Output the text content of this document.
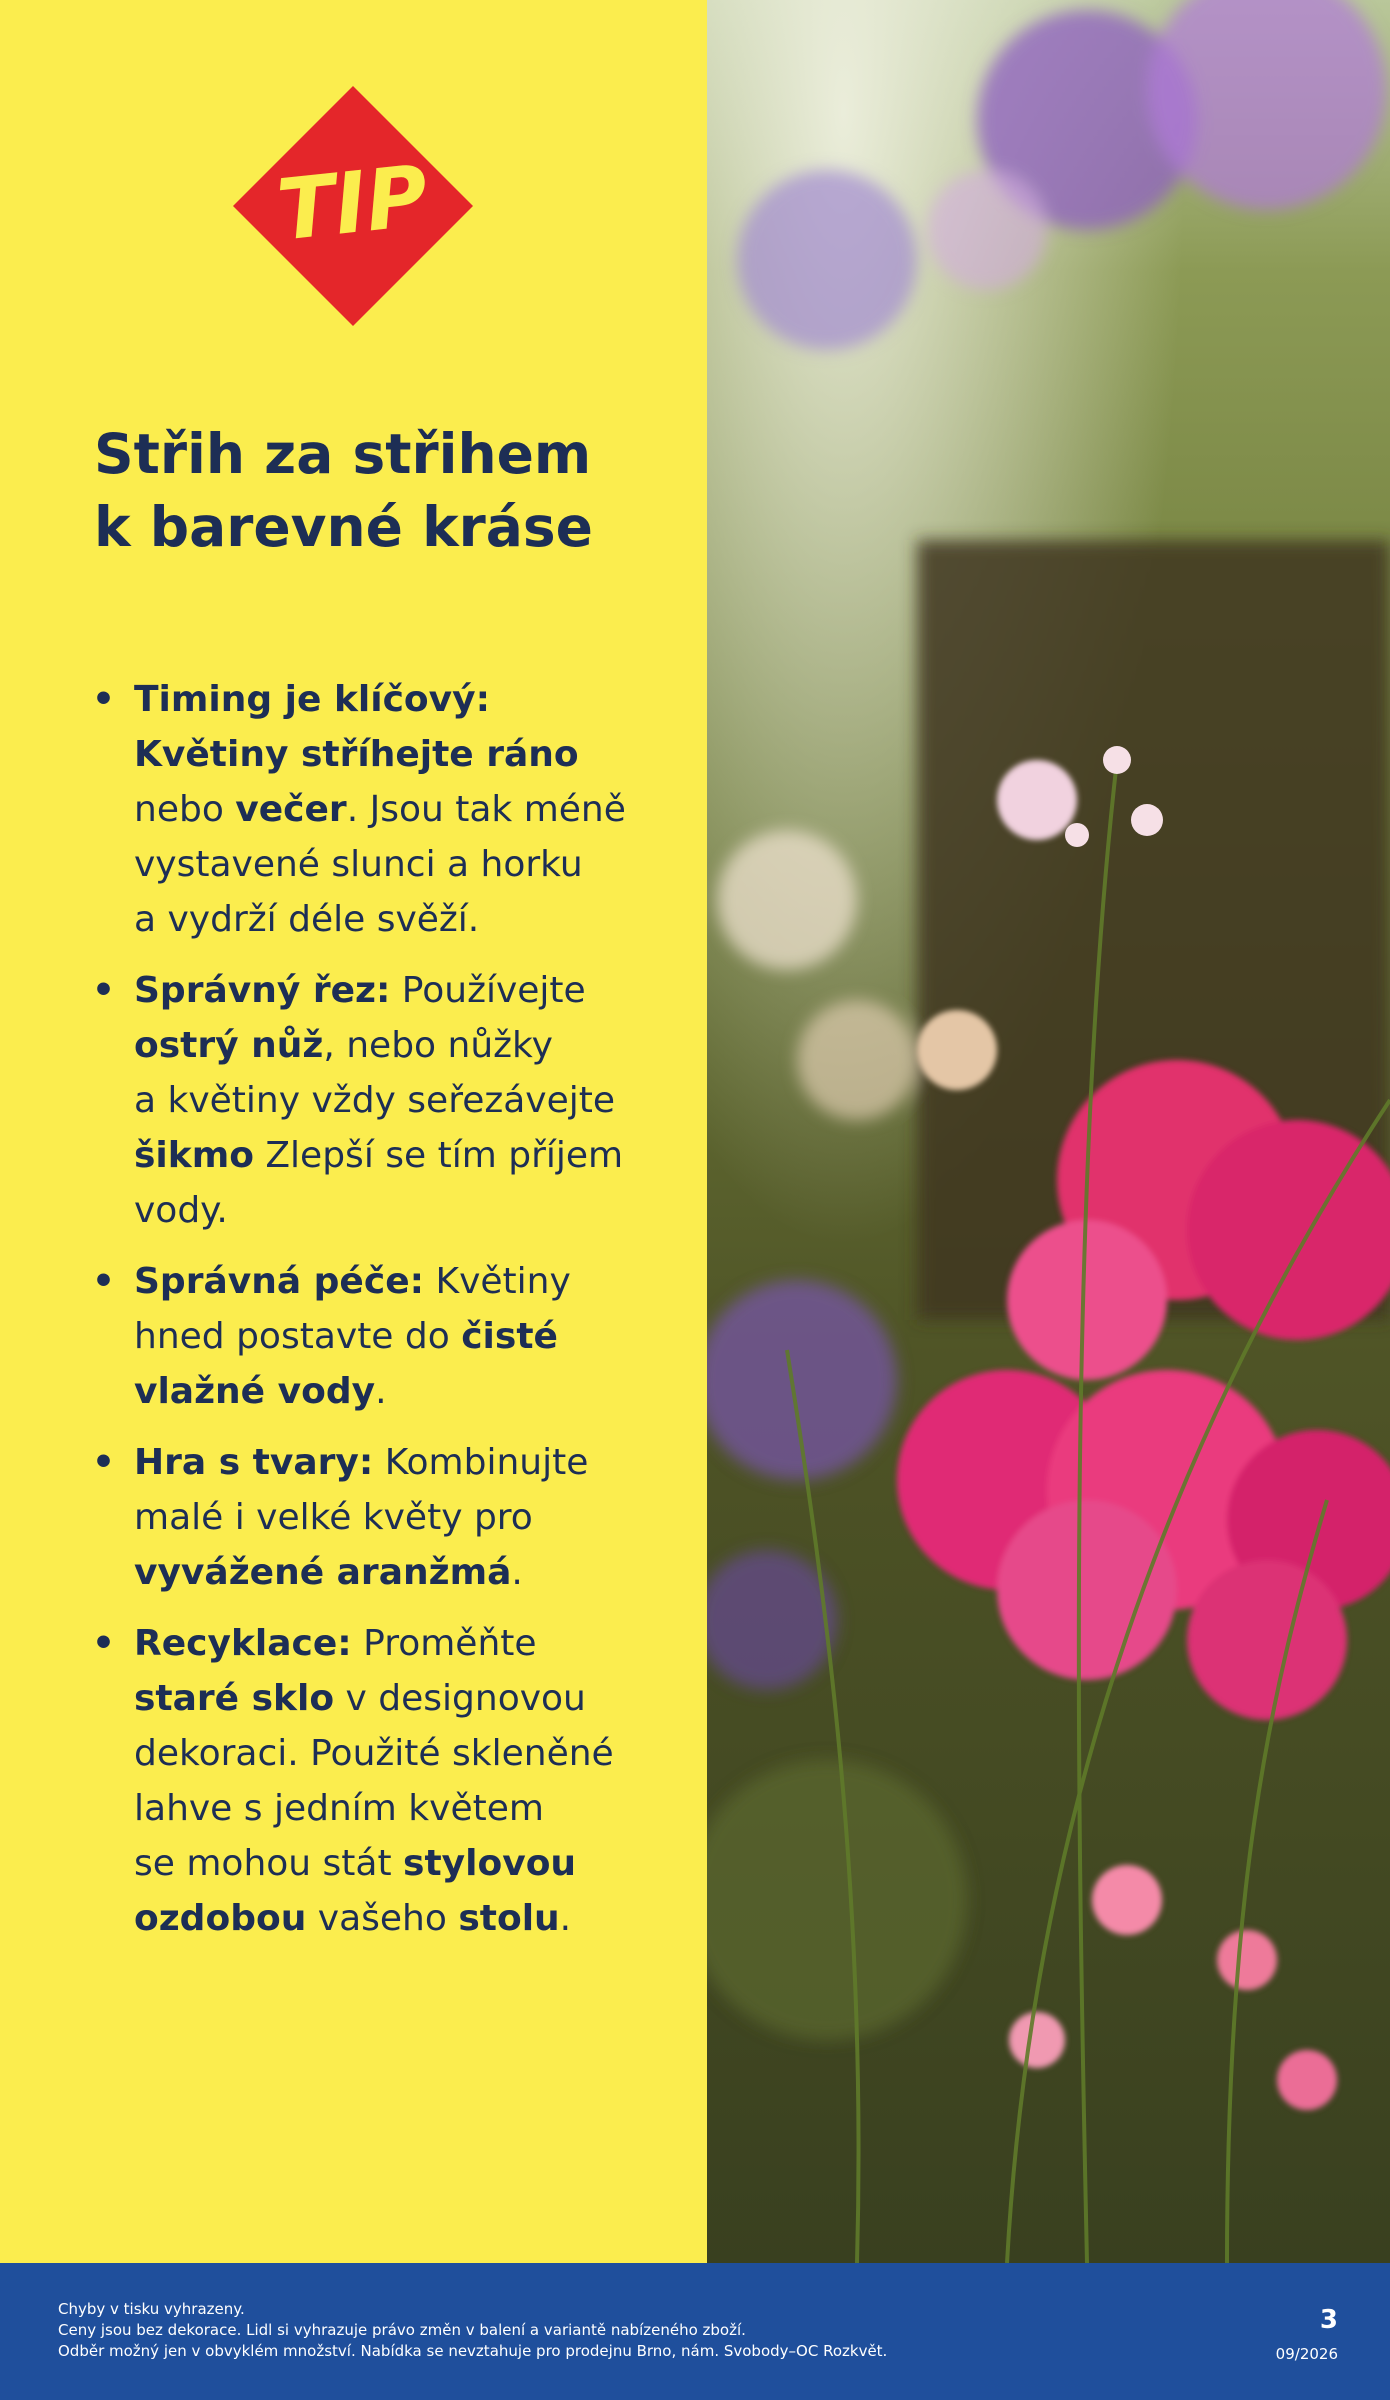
TIP
Střih za střihem
k barevné kráse
• Timing je klíčový:
Květiny stříhejte ráno
nebo večer. Jsou tak méně
vystavené slunci a horku
a vydrží déle svěží.
• Správný řez: Používejte
ostrý nůž, nebo nůžky
a květiny vždy seřezávejte
šikmo Zlepší se tím příjem
vody.
• Správná péče: Květiny
hned postavte do čisté
vlažné vody.
• Hra s tvary: Kombinujte
malé i velké květy pro
vyvážené aranžmá.
• Recyklace: Proměňte
staré sklo v designovou
dekoraci. Použité skleněné
lahve s jedním květem
se mohou stát stylovou
ozdobou vašeho stolu.
Chyby v tisku vyhrazeny.
Ceny jsou bez dekorace. Lidl si vyhrazuje právo změn v balení a variantě nabízeného zboží.
Odběr možný jen v obvyklém množství. Nabídka se nevztahuje pro prodejnu Brno, nám. Svobody–OC Rozkvět.
3
09/2026
